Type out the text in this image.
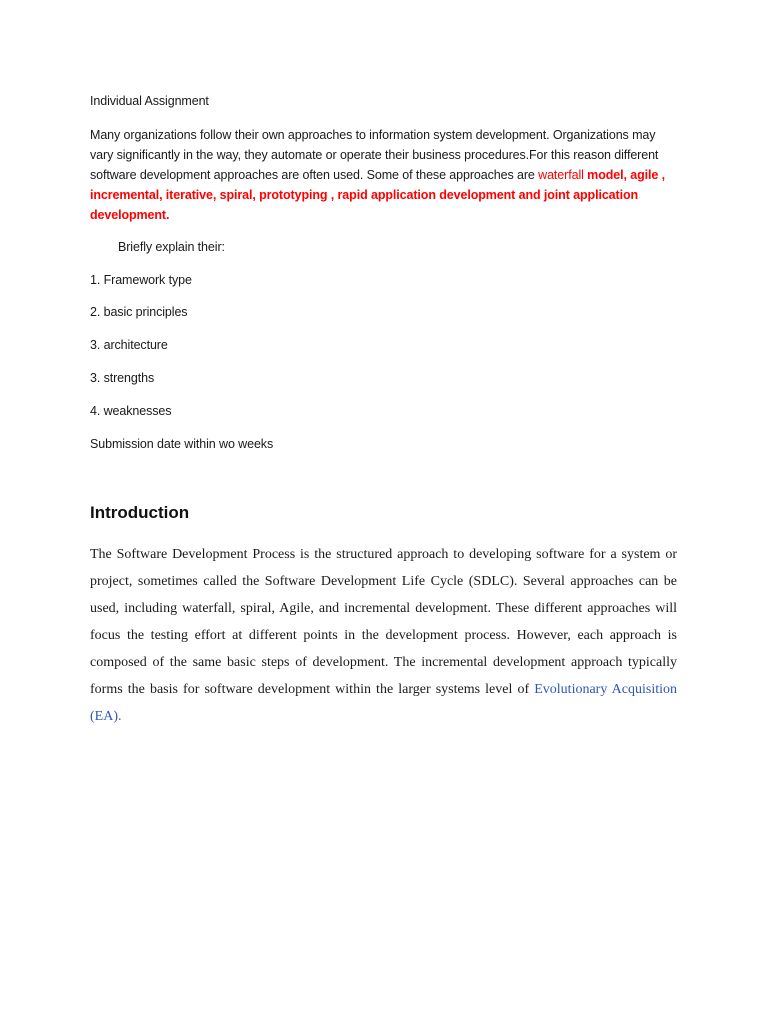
Individual Assignment

Many organizations follow their own approaches to information system development. Organizations may vary significantly in the way, they automate or operate their business procedures.For this reason different software development approaches are often used. Some of these approaches are waterfall model, agile , incremental, iterative, spiral, prototyping , rapid application development and joint application development.

Briefly explain their:

1. Framework type

2. basic principles

3. architecture

3. strengths

4. weaknesses

Submission date within wo weeks

Introduction

The Software Development Process is the structured approach to developing software for a system or project, sometimes called the Software Development Life Cycle (SDLC). Several approaches can be used, including waterfall, spiral, Agile, and incremental development. These different approaches will focus the testing effort at different points in the development process. However, each approach is composed of the same basic steps of development. The incremental development approach typically forms the basis for software development within the larger systems level of Evolutionary Acquisition (EA).
